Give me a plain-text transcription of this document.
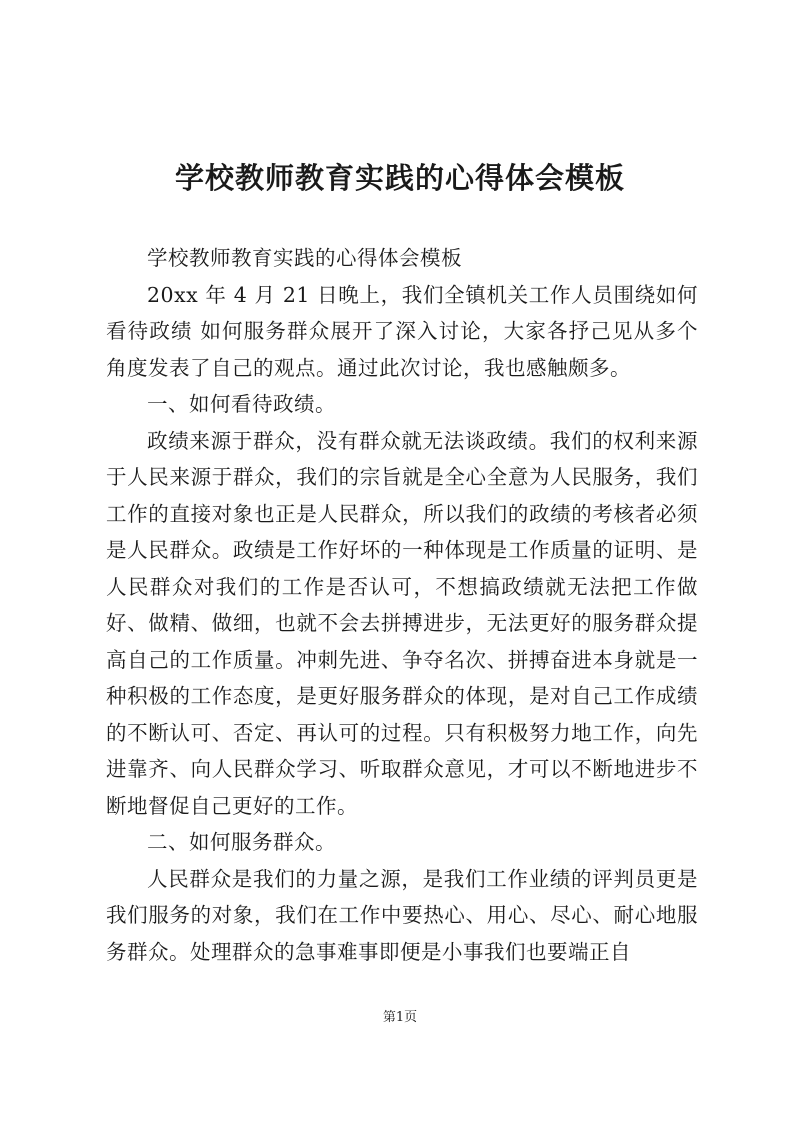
学校教师教育实践的心得体会模板

学校教师教育实践的心得体会模板

20xx 年 4 月 21 日晚上，我们全镇机关工作人员围绕如何看待政绩 如何服务群众展开了深入讨论，大家各抒己见从多个角度发表了自己的观点。通过此次讨论，我也感触颇多。

一、如何看待政绩。

政绩来源于群众，没有群众就无法谈政绩。我们的权利来源于人民来源于群众，我们的宗旨就是全心全意为人民服务，我们工作的直接对象也正是人民群众，所以我们的政绩的考核者必须是人民群众。政绩是工作好坏的一种体现是工作质量的证明、是人民群众对我们的工作是否认可，不想搞政绩就无法把工作做好、做精、做细，也就不会去拼搏进步，无法更好的服务群众提高自己的工作质量。冲刺先进、争夺名次、拼搏奋进本身就是一种积极的工作态度，是更好服务群众的体现，是对自己工作成绩的不断认可、否定、再认可的过程。只有积极努力地工作，向先进靠齐、向人民群众学习、听取群众意见，才可以不断地进步不断地督促自己更好的工作。

二、如何服务群众。

人民群众是我们的力量之源，是我们工作业绩的评判员更是我们服务的对象，我们在工作中要热心、用心、尽心、耐心地服务群众。处理群众的急事难事即便是小事我们也要端正自

第1页
